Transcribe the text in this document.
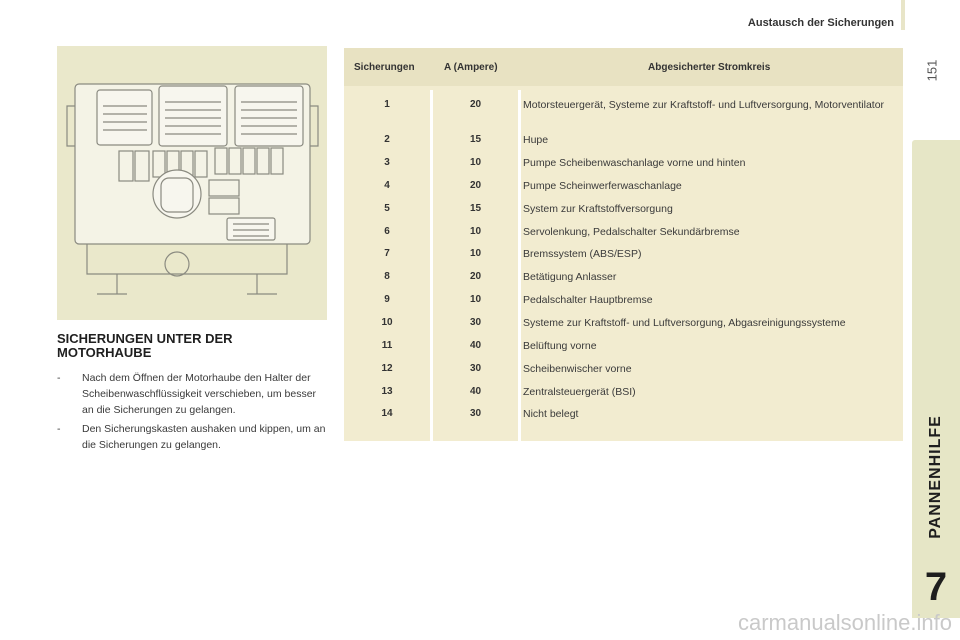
Austausch der Sicherungen
151
PANNENHILFE
7
SICHERUNGEN UNTER DER
MOTORHAUBE
- Nach dem Öffnen der Motorhaube den Halter der Scheibenwaschflüssigkeit verschieben, um besser an die Sicherungen zu gelangen.
- Den Sicherungskasten aushaken und kippen, um an die Sicherungen zu gelangen.
Sicherungen	A (Ampere)	Abgesicherter Stromkreis
1	20	Motorsteuergerät, Systeme zur Kraftstoff- und Luftversorgung, Motorventilator
2	15	Hupe
3	10	Pumpe Scheibenwaschanlage vorne und hinten
4	20	Pumpe Scheinwerferwaschanlage
5	15	System zur Kraftstoffversorgung
6	10	Servolenkung, Pedalschalter Sekundärbremse
7	10	Bremssystem (ABS/ESP)
8	20	Betätigung Anlasser
9	10	Pedalschalter Hauptbremse
10	30	Systeme zur Kraftstoff- und Luftversorgung, Abgasreinigungssysteme
11	40	Belüftung vorne
12	30	Scheibenwischer vorne
13	40	Zentralsteuergerät (BSI)
14	30	Nicht belegt
carmanualsonline.info
